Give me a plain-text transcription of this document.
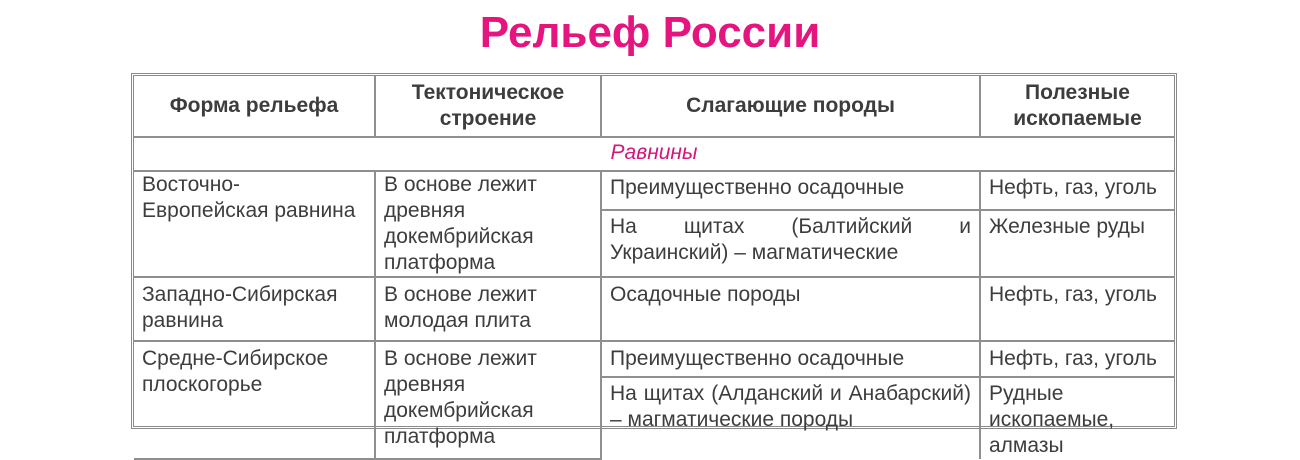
Рельеф России
Форма рельефа	Тектоническое строение	Слагающие породы	Полезные ископаемые
Равнины			
Восточно-Европейская равнина	В основе лежит древняя докембрийская платформа	Преимущественно осадочные	Нефть, газ, уголь
		На щитах (Балтийский и Украинский) – магматические	Железные руды
Западно-Сибирская равнина	В основе лежит молодая плита	Осадочные породы	Нефть, газ, уголь
Средне-Сибирское плоскогорье	В основе лежит древняя докембрийская платформа	Преимущественно осадочные	Нефть, газ, уголь
		На щитах (Алданский и Анабарский) – магматические породы	Рудные ископаемые, алмазы
